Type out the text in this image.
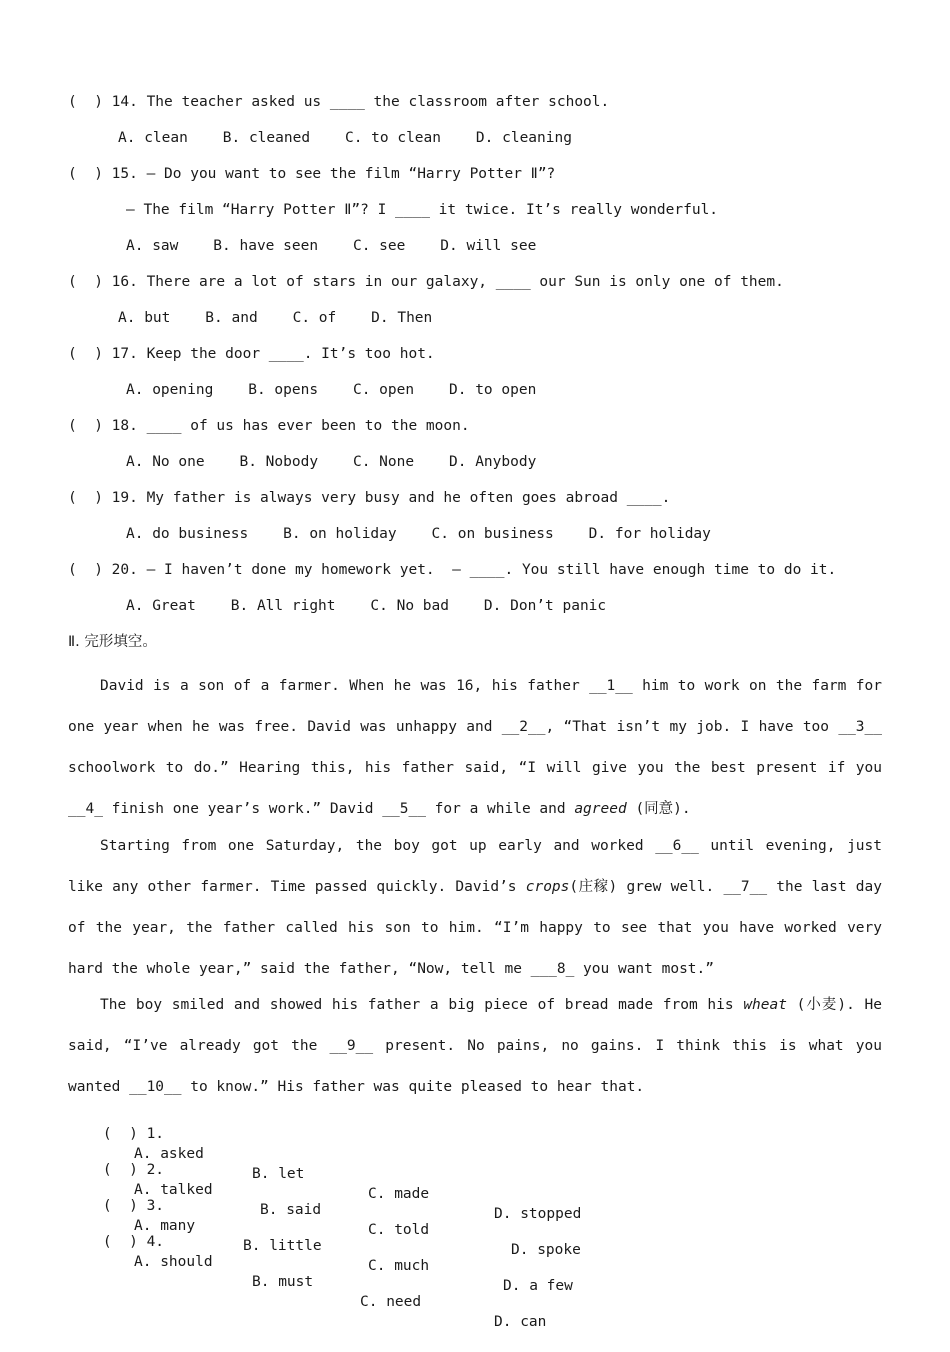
(  ) 14. The teacher asked us ____ the classroom after school.
A. clean    B. cleaned    C. to clean    D. cleaning
(  ) 15. — Do you want to see the film “Harry Potter Ⅱ”?
— The film “Harry Potter Ⅱ”? I ____ it twice. It’s really wonderful.
A. saw    B. have seen    C. see    D. will see
(  ) 16. There are a lot of stars in our galaxy, ____ our Sun is only one of them.
A. but    B. and    C. of    D. Then
(  ) 17. Keep the door ____. It’s too hot.
A. opening    B. opens    C. open    D. to open
(  ) 18. ____ of us has ever been to the moon.
A. No one    B. Nobody    C. None    D. Anybody
(  ) 19. My father is always very busy and he often goes abroad ____.
A. do business    B. on holiday    C. on business    D. for holiday
(  ) 20. — I haven’t done my homework yet.  — ____. You still have enough time to do it.
A. Great    B. All right    C. No bad    D. Don’t panic
Ⅱ. 完形填空。
David is a son of a farmer. When he was 16, his father __1__ him to work on the farm for one year when he was free. David was unhappy and __2__, “That isn’t my job. I have too __3__ schoolwork to do.” Hearing this, his father said, “I will give you the best present if you __4_ finish one year’s work.” David __5__ for a while and agreed (同意).
Starting from one Saturday, the boy got up early and worked __6__ until evening, just like any other farmer. Time passed quickly. David’s crops(庄稼) grew well. __7__ the last day of the year, the father called his son to him. “I’m happy to see that you have worked very hard the whole year,” said the father, “Now, tell me ___8_ you want most.”
The boy smiled and showed his father a big piece of bread made from his wheat (小麦). He said, “I’ve already got the __9__ present. No pains, no gains. I think this is what you wanted __10__ to know.” His father was quite pleased to hear that.

(  ) 1.

A. asked

B. let

C. made

D. stopped

(  ) 2.

A. talked

B. said

C. told

D. spoke

(  ) 3.

A. many

B. little

C. much

D. a few

(  ) 4.

A. should

B. must

C. need

D. can
